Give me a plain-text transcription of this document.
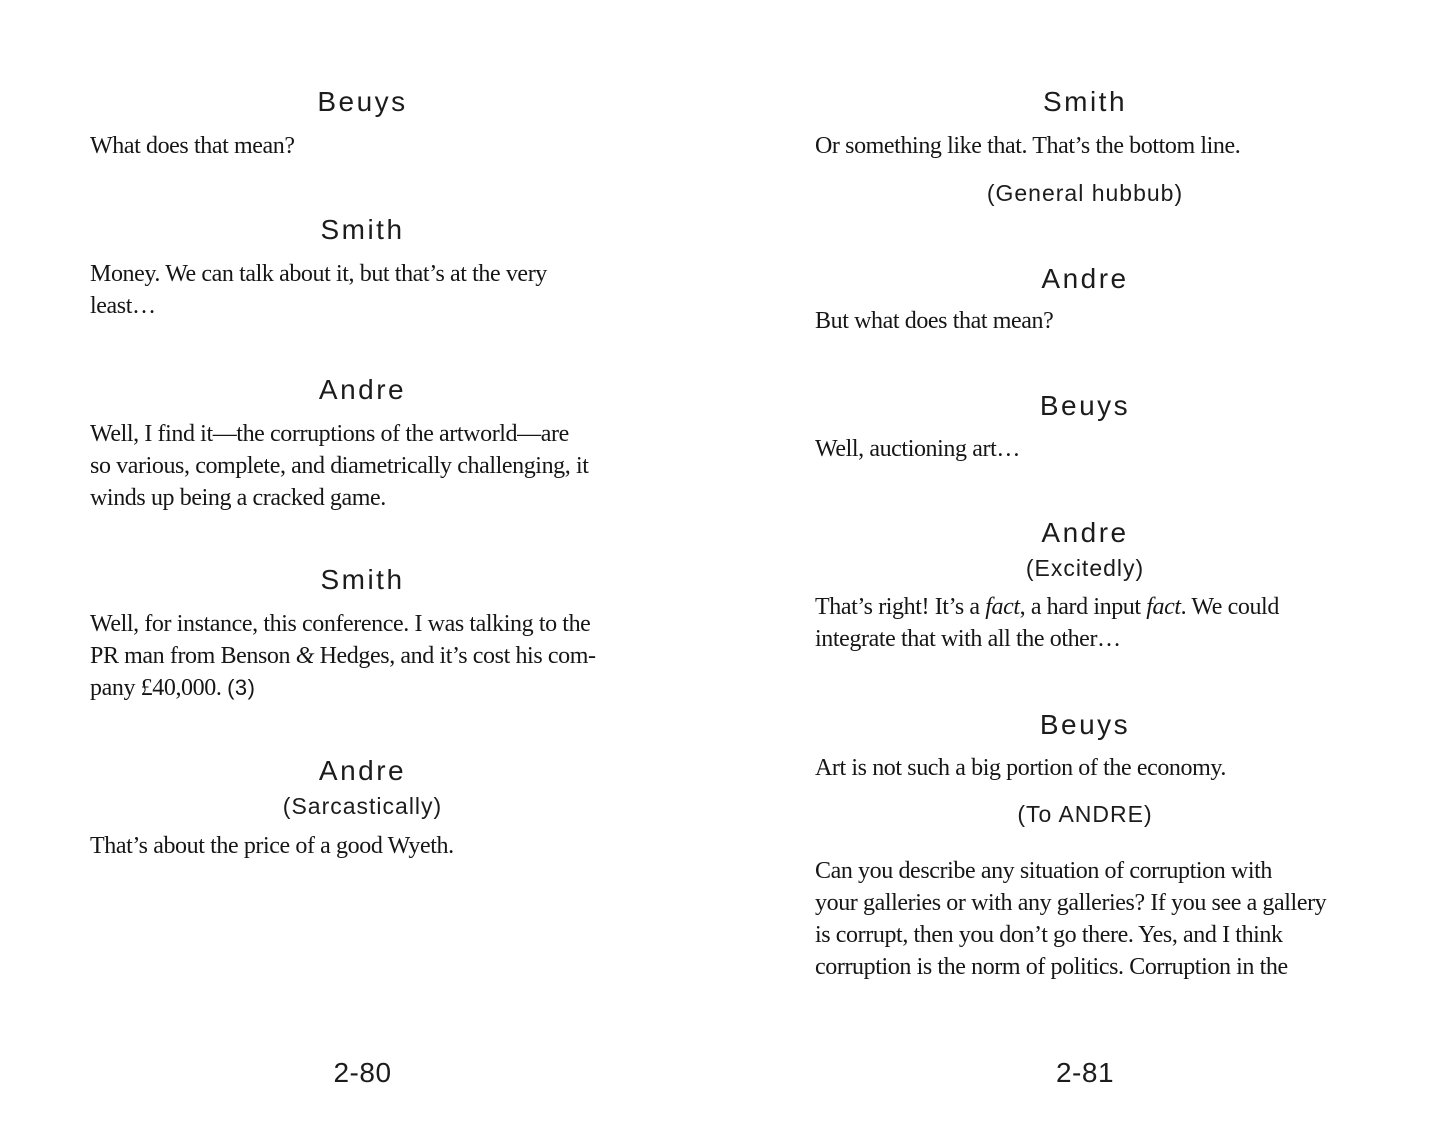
Beuys
What does that mean?
Smith
Money. We can talk about it, but that’s at the very
least…
Andre
Well, I find it—the corruptions of the artworld—are
so various, complete, and diametrically challenging, it
winds up being a cracked game.
Smith
Well, for instance, this conference. I was talking to the
PR man from Benson & Hedges, and it’s cost his com-
pany £40,000. (3)
Andre
(Sarcastically)
That’s about the price of a good Wyeth.
2-80
Smith
Or something like that. That’s the bottom line.
(General hubbub)
Andre
But what does that mean?
Beuys
Well, auctioning art…
Andre
(Excitedly)
That’s right! It’s a fact, a hard input fact. We could
integrate that with all the other…
Beuys
Art is not such a big portion of the economy.
(To ANDRE)
Can you describe any situation of corruption with
your galleries or with any galleries? If you see a gallery
is corrupt, then you don’t go there. Yes, and I think
corruption is the norm of politics. Corruption in the
2-81
